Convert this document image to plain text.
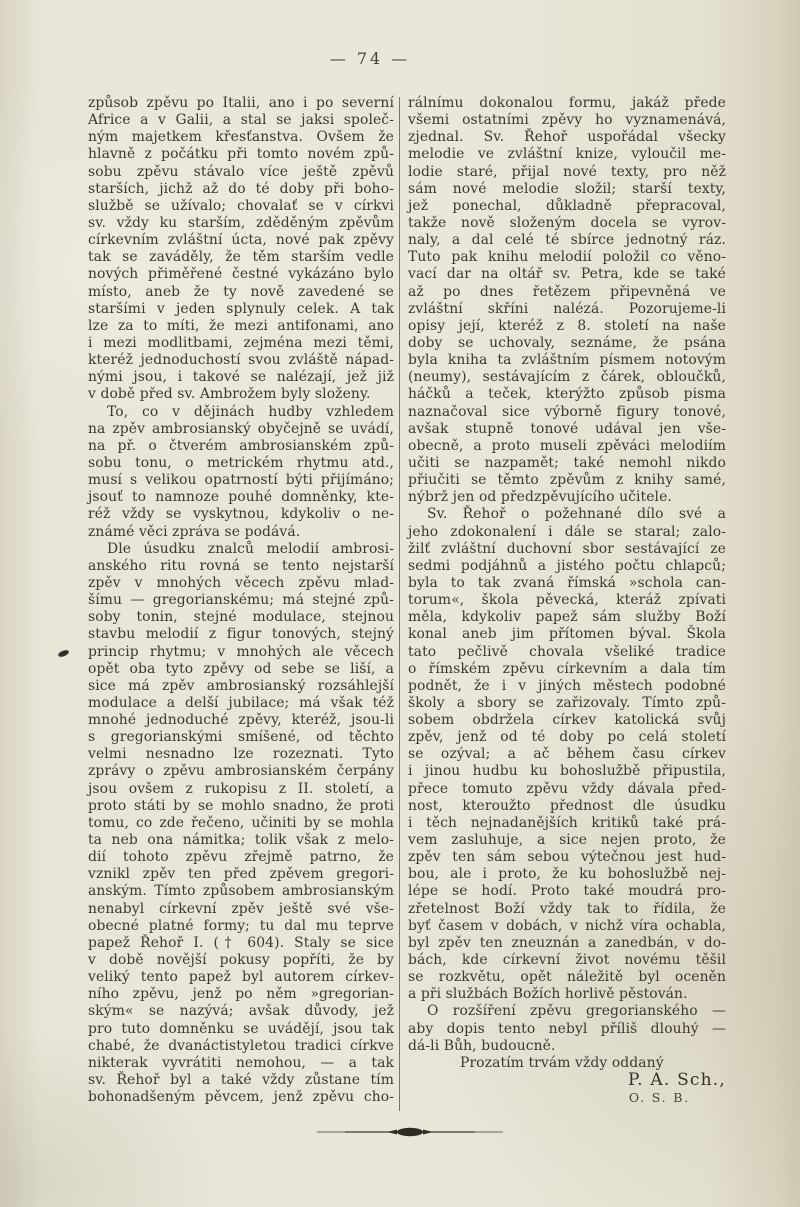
— 74 —
způsob zpěvu po Italii, ano i po severní
Africe a v Galii, a stal se jaksi společ-
ným majetkem křesťanstva. Ovšem že
hlavně z počátku při tomto novém způ-
sobu zpěvu stávalo více ještě zpěvů
starších, jichž až do té doby při boho-
službě se užívalo; chovalať se v církvi
sv. vždy ku starším, zděděným zpěvům
církevním zvláštní úcta, nové pak zpěvy
tak se zaváděly, že těm starším vedle
nových přiměřené čestné vykázáno bylo
místo, aneb že ty nově zavedené se
staršími v jeden splynuly celek. A tak
lze za to míti, že mezi antifonami, ano
i mezi modlitbami, zejména mezi těmi,
kteréž jednoduchostí svou zvláště nápad-
nými jsou, i takové se nalézají, jež již
v době před sv. Ambrožem byly složeny.
To, co v dějinách hudby vzhledem
na zpěv ambrosianský obyčejně se uvádí,
na př. o čtverém ambrosianském způ-
sobu tonu, o metrickém rhytmu atd.,
musí s velikou opatrností býti přijímáno;
jsouť to namnoze pouhé domněnky, kte-
réž vždy se vyskytnou, kdykoliv o ne-
známé věci zpráva se podává.
Dle úsudku znalců melodií ambrosi-
anského ritu rovná se tento nejstarší
zpěv v mnohých věcech zpěvu mlad-
šímu — gregorianskému; má stejné způ-
soby tonin, stejné modulace, stejnou
stavbu melodií z figur tonových, stejný
princip rhytmu; v mnohých ale věcech
opět oba tyto zpěvy od sebe se liší, a
sice má zpěv ambrosianský rozsáhlejší
modulace a delší jubilace; má však též
mnohé jednoduché zpěvy, kteréž, jsou-li
s gregorianskými smíšené, od těchto
velmi nesnadno lze rozeznati. Tyto
zprávy o zpěvu ambrosianském čerpány
jsou ovšem z rukopisu z II. století, a
proto státi by se mohlo snadno, že proti
tomu, co zde řečeno, učiniti by se mohla
ta neb ona námitka; tolik však z melo-
dií tohoto zpěvu zřejmě patrno, že
vznikl zpěv ten před zpěvem gregori-
anským. Tímto způsobem ambrosianským
nenabyl církevní zpěv ještě své vše-
obecné platné formy; tu dal mu teprve
papež Řehoř I. († 604). Staly se sice
v době novější pokusy popříti, že by
veliký tento papež byl autorem církev-
ního zpěvu, jenž po něm »gregorian-
ským« se nazývá; avšak důvody, jež
pro tuto domněnku se uvádějí, jsou tak
chabé, že dvanáctistyletou tradici církve
nikterak vyvrátiti nemohou, — a tak
sv. Řehoř byl a také vždy zůstane tím
bohonadšeným pěvcem, jenž zpěvu cho-
rálnímu dokonalou formu, jakáž přede
všemi ostatními zpěvy ho vyznamenává,
zjednal. Sv. Řehoř uspořádal všecky
melodie ve zvláštní knize, vyloučil me-
lodie staré, přijal nové texty, pro něž
sám nové melodie složil; starší texty,
jež ponechal, důkladně přepracoval,
takže nově složeným docela se vyrov-
naly, a dal celé té sbírce jednotný ráz.
Tuto pak knihu melodií položil co věno-
vací dar na oltář sv. Petra, kde se také
až po dnes řetězem připevněná ve
zvláštní skříni nalézá. Pozorujeme-li
opisy její, kteréž z 8. století na naše
doby se uchovaly, seznáme, že psána
byla kniha ta zvláštním písmem notovým
(neumy), sestávajícím z čárek, obloučků,
háčků a teček, kterýžto způsob pisma
naznačoval sice výborně figury tonové,
avšak stupně tonové udával jen vše-
obecně, a proto museli zpěváci melodiím
učiti se nazpamět; také nemohl nikdo
přiučiti se těmto zpěvům z knihy samé,
nýbrž jen od předzpěvujícího učitele.
Sv. Řehoř o požehnané dílo své a
jeho zdokonalení i dále se staral; zalo-
žilť zvláštní duchovní sbor sestávající ze
sedmi podjáhnů a jistého počtu chlapců;
byla to tak zvaná římská »schola can-
torum«, škola pěvecká, kteráž zpívati
měla, kdykoliv papež sám služby Boží
konal aneb jim přítomen býval. Škola
tato pečlivě chovala všeliké tradice
o římském zpěvu církevním a dala tím
podnět, že i v jiných městech podobné
školy a sbory se zařizovaly. Tímto způ-
sobem obdržela církev katolická svůj
zpěv, jenž od té doby po celá století
se ozýval; a ač během času církev
i jinou hudbu ku bohoslužbě připustila,
přece tomuto zpěvu vždy dávala před-
nost, kteroužto přednost dle úsudku
i těch nejnadanějších kritiků také prá-
vem zasluhuje, a sice nejen proto, že
zpěv ten sám sebou výtečnou jest hud-
bou, ale i proto, že ku bohoslužbě nej-
lépe se hodí. Proto také moudrá pro-
zřetelnost Boží vždy tak to řídila, že
byť časem v dobách, v nichž víra ochabla,
byl zpěv ten zneuznán a zanedbán, v do-
bách, kde církevní život novému těšil
se rozkvětu, opět náležitě byl oceněn
a při službách Božích horlivě pěstován.
O rozšíření zpěvu gregorianského —
aby dopis tento nebyl příliš dlouhý —
dá-li Bůh, budoucně.
Prozatím trvám vždy oddaný
P. A. Sch.,
O. S. B.
